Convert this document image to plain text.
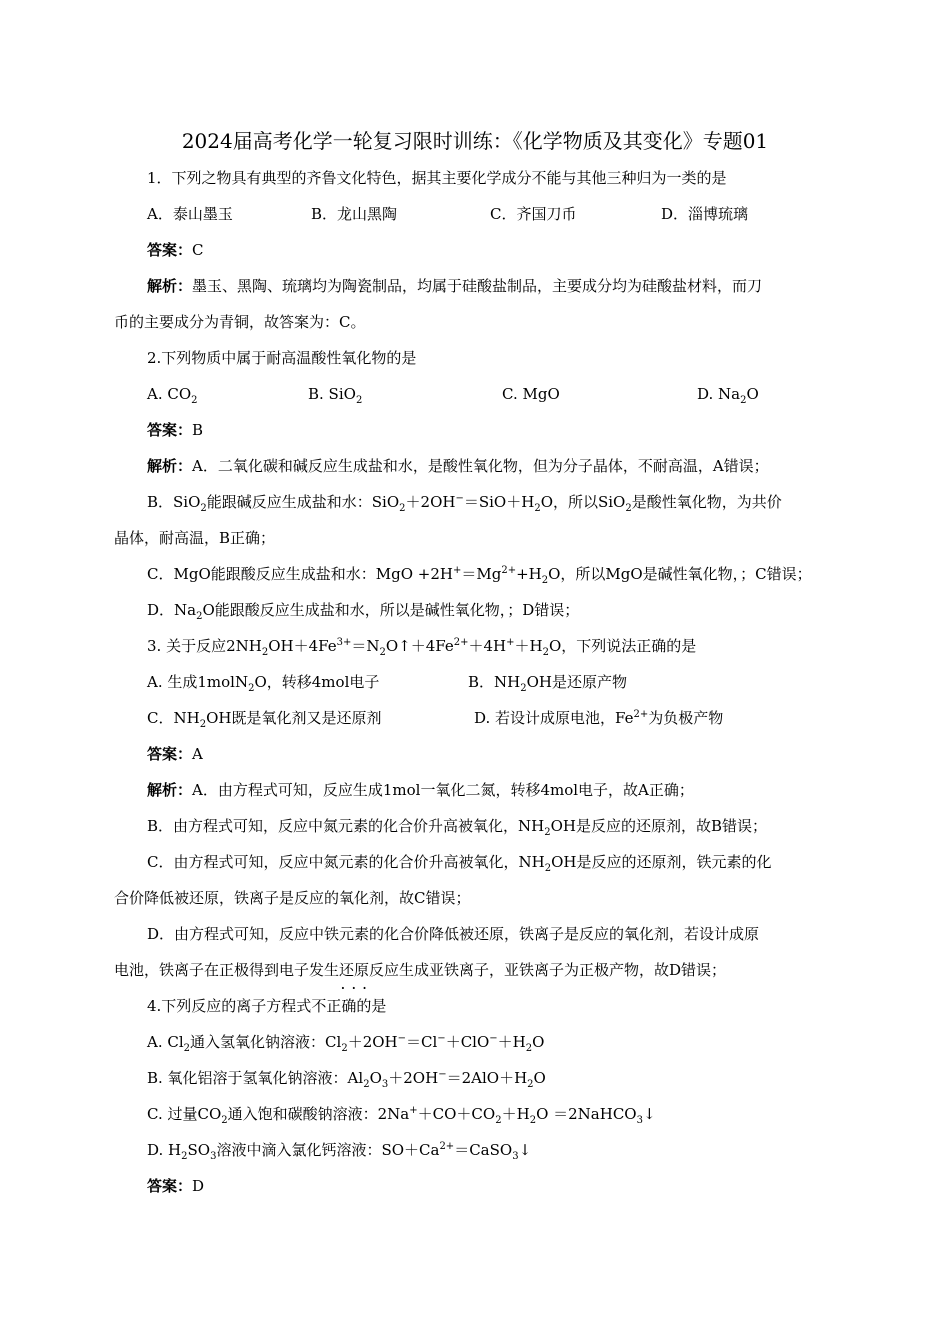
2024届高考化学一轮复习限时训练：《化学物质及其变化》专题01
1．下列之物具有典型的齐鲁文化特色，据其主要化学成分不能与其他三种归为一类的是
A．泰山墨玉	B．龙山黑陶	C．齐国刀币	D．淄博琉璃
答案：C
解析：墨玉、黑陶、琉璃均为陶瓷制品，均属于硅酸盐制品，主要成分均为硅酸盐材料，而刀
币的主要成分为青铜，故答案为：C。
2.下列物质中属于耐高温酸性氧化物的是
A. $CO_2$	B. SiO$_2$	C. MgO	D. $Na_2O$
答案：B
解析：A．二氧化碳和碱反应生成盐和水，是酸性氧化物，但为分子晶体，不耐高温，A错误；
B．SiO$_2$能跟碱反应生成盐和水：$SiO_2+2OH^-=SiO+H_2O$，所以SiO$_2$是酸性氧化物，为共价
晶体，耐高温，B正确；
C．MgO能跟酸反应生成盐和水：MgO $+2H^+=Mg^{2+}+H_2O$，所以MgO是碱性氧化物，；C错误；
D．$Na_2O$能跟酸反应生成盐和水，所以是碱性氧化物，；D错误；
3. 关于反应$2NH_2OH+4Fe^{3+}=N_2O↑+4Fe^{2+}+4H^++H_2O$，下列说法正确的是
A. 生成1molN$_2$O，转移4mol电子	B．$NH_2OH$是还原产物
C．$NH_2OH$既是氧化剂又是还原剂	D. 若设计成原电池，$Fe^{2+}$为负极产物
答案：A
解析：A．由方程式可知，反应生成1mol一氧化二氮，转移4mol电子，故A正确；
B．由方程式可知，反应中氮元素的化合价升高被氧化，$NH_2OH$是反应的还原剂，故B错误；
C．由方程式可知，反应中氮元素的化合价升高被氧化，$NH_2OH$是反应的还原剂，铁元素的化
合价降低被还原，铁离子是反应的氧化剂，故C错误；
D．由方程式可知，反应中铁元素的化合价降低被还原，铁离子是反应的氧化剂，若设计成原
电池，铁离子在正极得到电子发生还原反应生成亚铁离子，亚铁离子为正极产物，故D错误；
···
4.下列反应的离子方程式不正确的是
A. $Cl_2$通入氢氧化钠溶液：$Cl_2+2OH^-=Cl^-+ClO^-+H_2O$
B. 氧化铝溶于氢氧化钠溶液：$Al_2O_3+2OH^-=2AlO+H_2O$
C. 过量$CO_2$通入饱和碳酸钠溶液：$2Na^++CO+CO_2+H_2O$ ＝2NaHCO$_3$↓
D. $H_2SO_3$溶液中滴入氯化钙溶液：$SO+Ca^{2+}=CaSO_3↓$
答案：D
